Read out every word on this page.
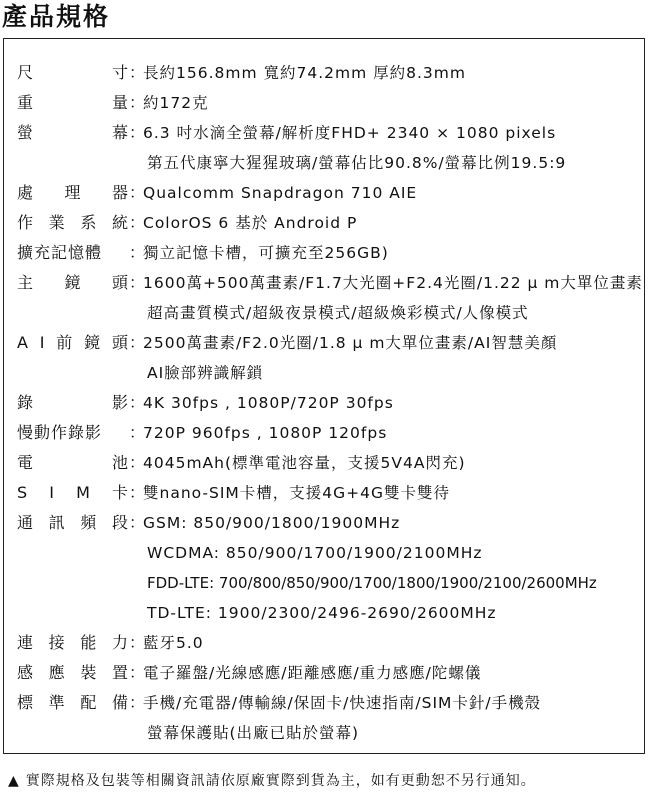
產品規格
尺	寸 ：
長約156.8mm 寬約74.2mm 厚約8.3mm
重	量 ：
約172克
螢	幕 ：
6.3 吋水滴全螢幕/解析度FHD+ 2340 × 1080 pixels
第五代康寧大猩猩玻璃/螢幕佔比90.8%/螢幕比例19.5:9
處 理 器 ：
Qualcomm Snapdragon 710 AIE
作 業 系 統 ：
ColorOS 6 基於 Android P
擴充記憶體 ：
獨立記憶卡槽，可擴充至256GB)
主 鏡 頭 ：
1600萬+500萬畫素/F1.7大光圈+F2.4光圈/1.22 μ m大單位畫素
超高畫質模式/超級夜景模式/超級煥彩模式/人像模式
A I 前 鏡 頭 ：
2500萬畫素/F2.0光圈/1.8 μ m大單位畫素/AI智慧美顏
AI臉部辨識解鎖
錄	影 ：
4K 30fps , 1080P/720P 30fps
慢動作錄影 ：
720P 960fps , 1080P 120fps
電	池 ：
4045mAh(標準電池容量，支援5V4A閃充)
S I M 卡 ：
雙nano-SIM卡槽，支援4G+4G雙卡雙待
通 訊 頻 段 ：
GSM: 850/900/1800/1900MHz
WCDMA: 850/900/1700/1900/2100MHz
FDD-LTE: 700/800/850/900/1700/1800/1900/2100/2600MHz
TD-LTE: 1900/2300/2496-2690/2600MHz
連 接 能 力 ：
藍牙5.0
感 應 裝 置 ：
電子羅盤/光線感應/距離感應/重力感應/陀螺儀
標 準 配 備 ：
手機/充電器/傳輸線/保固卡/快速指南/SIM卡針/手機殼
螢幕保護貼(出廠已貼於螢幕)
▲ 實際規格及包裝等相關資訊請依原廠實際到貨為主，如有更動恕不另行通知。
